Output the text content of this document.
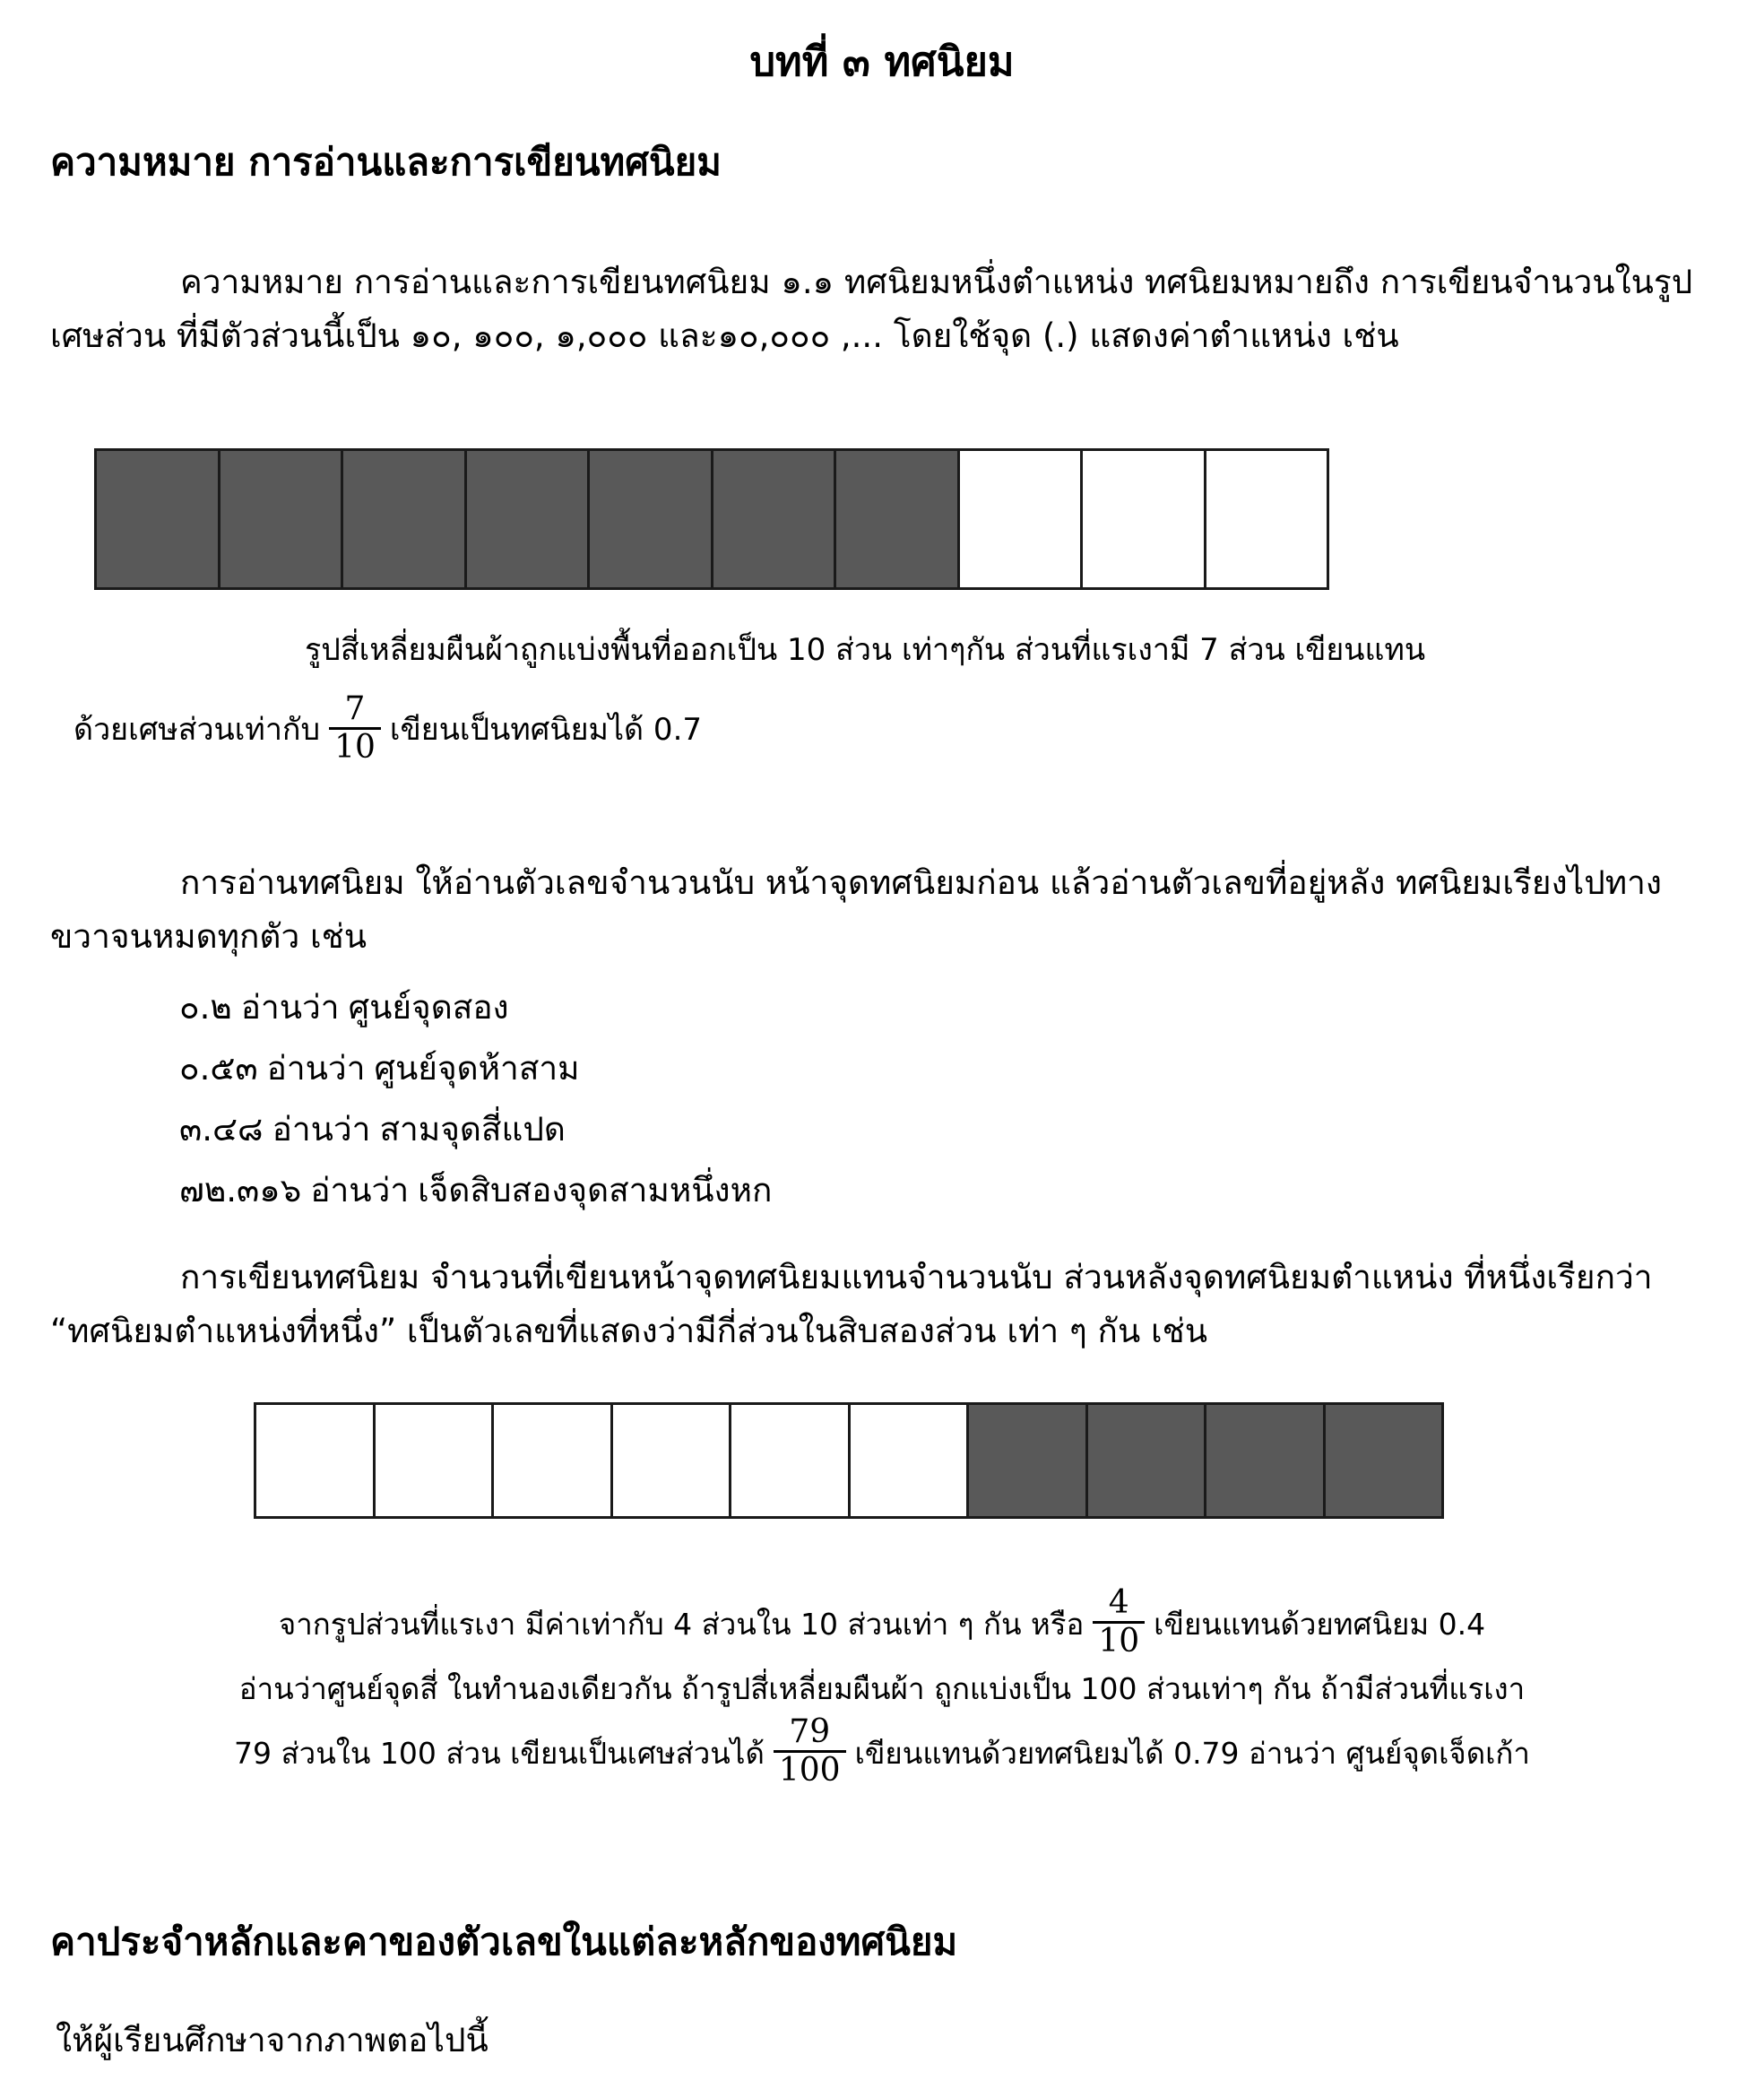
บทที่ ๓ ทศนิยม
ความหมาย การอ่านและการเขียนทศนิยม
ความหมาย การอ่านและการเขียนทศนิยม ๑.๑ ทศนิยมหนึ่งตำแหน่ง ทศนิยมหมายถึง การเขียนจำนวนในรูปเศษส่วน ที่มีตัวส่วนนี้เป็น ๑๐, ๑๐๐, ๑,๐๐๐ และ๑๐,๐๐๐ ,... โดยใช้จุด (.) แสดงค่าตำแหน่ง เช่น
รูปสี่เหลี่ยมผืนผ้าถูกแบ่งพื้นที่ออกเป็น 10 ส่วน เท่าๆกัน ส่วนที่แรเงามี 7 ส่วน เขียนแทน
ด้วยเศษส่วนเท่ากับ $\frac{7}{10}$ เขียนเป็นทศนิยมได้ 0.7
การอ่านทศนิยม ให้อ่านตัวเลขจำนวนนับ หน้าจุดทศนิยมก่อน แล้วอ่านตัวเลขที่อยู่หลัง ทศนิยมเรียงไปทางขวาจนหมดทุกตัว เช่น
๐.๒ อ่านว่า ศูนย์จุดสอง
๐.๕๓ อ่านว่า ศูนย์จุดห้าสาม
๓.๔๘ อ่านว่า สามจุดสี่แปด
๗๒.๓๑๖ อ่านว่า เจ็ดสิบสองจุดสามหนึ่งหก
การเขียนทศนิยม จำนวนที่เขียนหน้าจุดทศนิยมแทนจำนวนนับ ส่วนหลังจุดทศนิยมตำแหน่ง ที่หนึ่งเรียกว่า “ทศนิยมตำแหน่งที่หนึ่ง” เป็นตัวเลขที่แสดงว่ามีกี่ส่วนในสิบสองส่วน เท่า ๆ กัน เช่น
จากรูปส่วนที่แรเงา มีค่าเท่ากับ 4 ส่วนใน 10 ส่วนเท่า ๆ กัน หรือ $\frac{4}{10}$ เขียนแทนด้วยทศนิยม 0.4
อ่านว่าศูนย์จุดสี่ ในทำนองเดียวกัน ถ้ารูปสี่เหลี่ยมผืนผ้า ถูกแบ่งเป็น 100 ส่วนเท่าๆ กัน ถ้ามีส่วนที่แรเงา
79 ส่วนใน 100 ส่วน เขียนเป็นเศษส่วนได้ $\frac{79}{100}$ เขียนแทนด้วยทศนิยมได้ 0.79 อ่านว่า ศูนย์จุดเจ็ดเก้า
คาประจำหลักและคาของตัวเลขในแต่ละหลักของทศนิยม
ให้ผู้เรียนศึกษาจากภาพตอไปนี้
